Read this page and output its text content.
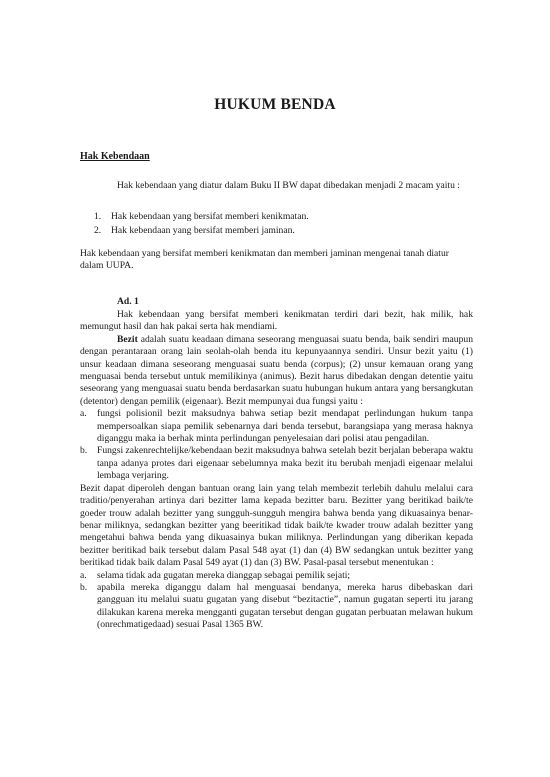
HUKUM BENDA
Hak Kebendaan
Hak kebendaan yang diatur dalam Buku II BW dapat dibedakan menjadi 2 macam yaitu :
1. Hak kebendaan yang bersifat memberi kenikmatan.
2. Hak kebendaan yang bersifat memberi jaminan.
Hak kebendaan yang bersifat memberi kenikmatan dan memberi jaminan mengenai tanah diatur dalam UUPA.
Ad. 1
Hak kebendaan yang bersifat memberi kenikmatan terdiri dari bezit, hak milik, hak memungut hasil dan hak pakai serta hak mendiami.
Bezit adalah suatu keadaan dimana seseorang menguasai suatu benda, baik sendiri maupun dengan perantaraan orang lain seolah-olah benda itu kepunyaannya sendiri. Unsur bezit yaitu (1) unsur keadaan dimana seseorang menguasai suatu benda (corpus); (2) unsur kemauan orang yang menguasai benda tersebut untuk memilikinya (animus). Bezit harus dibedakan dengan detentie yaitu seseorang yang menguasai suatu benda berdasarkan suatu hubungan hukum antara yang bersangkutan (detentor) dengan pemilik (eigenaar). Bezit mempunyai dua fungsi yaitu :
a. fungsi polisionil bezit maksudnya bahwa setiap bezit mendapat perlindungan hukum tanpa mempersoalkan siapa pemilik sebenarnya dari benda tersebut, barangsiapa yang merasa haknya diganggu maka ia berhak minta perlindungan penyelesaian dari polisi atau pengadilan.
b. Fungsi zakenrechtelijke/kebendaan bezit maksudnya bahwa setelah bezit berjalan beberapa waktu tanpa adanya protes dari eigenaar sebelumnya maka bezit itu berubah menjadi eigenaar melalui lembaga verjaring.
Bezit dapat diperoleh dengan bantuan orang lain yang telah membezit terlebih dahulu melalui cara traditio/penyerahan artinya dari bezitter lama kepada bezitter baru. Bezitter yang beritikad baik/te goeder trouw adalah bezitter yang sungguh-sungguh mengira bahwa benda yang dikuasainya benar-benar miliknya, sedangkan bezitter yang beeritikad tidak baik/te kwader trouw adalah bezitter yang mengetahui bahwa benda yang dikuasainya bukan miliknya. Perlindungan yang diberikan kepada bezitter beritikad baik tersebut dalam Pasal 548 ayat (1) dan (4) BW sedangkan untuk bezitter yang beritikad tidak baik dalam Pasal 549 ayat (1) dan (3) BW. Pasal-pasal tersebut menentukan :
a. selama tidak ada gugatan mereka dianggap sebagai pemilik sejati;
b. apabila mereka diganggu dalam hal menguasai bendanya, mereka harus dibebaskan dari gangguan itu melalui suatu gugatan yang disebut “bezitactie”, namun gugatan seperti itu jarang dilakukan karena mereka mengganti gugatan tersebut dengan gugatan perbuatan melawan hukum (onrechmatigedaad) sesuai Pasal 1365 BW.
